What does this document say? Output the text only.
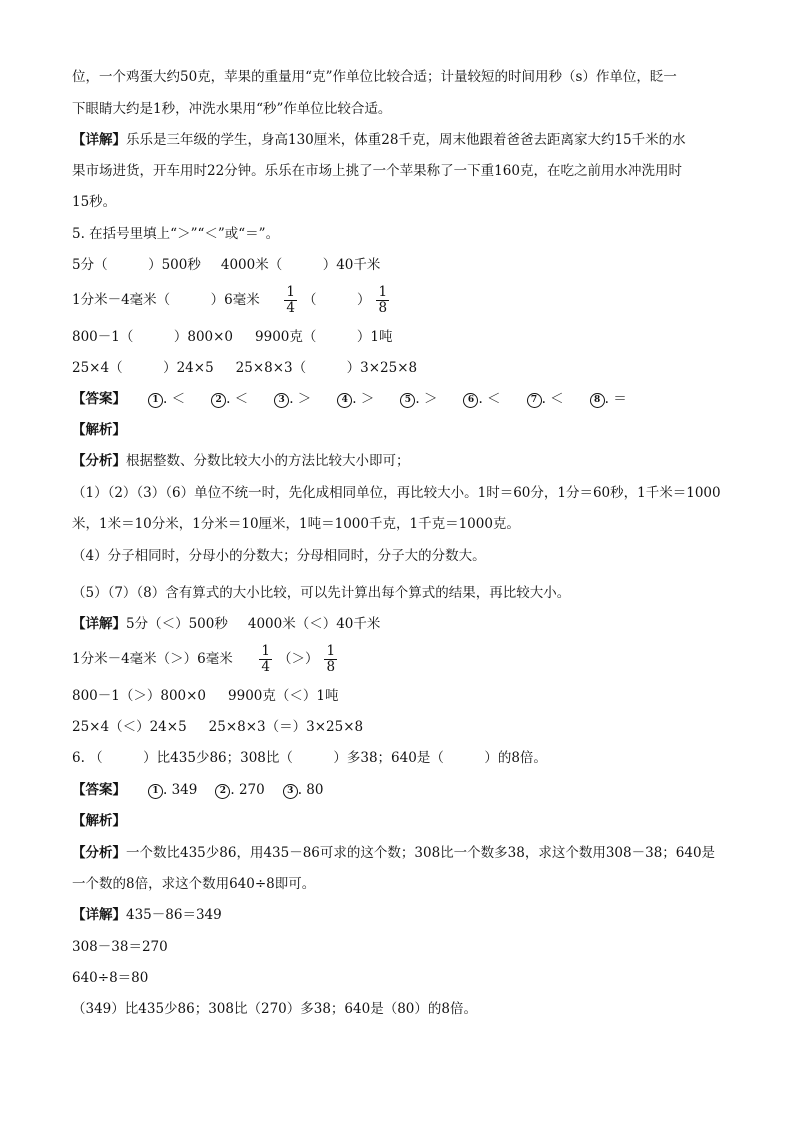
位，一个鸡蛋大约50克，苹果的重量用“克”作单位比较合适；计量较短的时间用秒（s）作单位，眨一
下眼睛大约是1秒，冲洗水果用“秒”作单位比较合适。
【详解】乐乐是三年级的学生，身高130厘米，体重28千克，周末他跟着爸爸去距离家大约15千米的水
果市场进货，开车用时22分钟。乐乐在市场上挑了一个苹果称了一下重160克，在吃之前用水冲洗用时
15秒。
5. 在括号里填上“＞”“＜”或“＝”。
5分（　　　）500秒 4000米（　　　）40千米
1分米－4毫米（　　　）6毫米 $\frac{1}{4}$ （　　　） $\frac{1}{8}$
800－1（　　　）800×0 9900克（　　　）1吨
25×4（　　　）24×5 25×8×3（　　　）3×25×8
【答案】	1 . ＜	2 . ＜	3 . ＞	4 . ＞	5 . ＞	6 . ＜	7 . ＜	8 . ＝
【解析】
【分析】根据整数、分数比较大小的方法比较大小即可；
（1）（2）（3）（6）单位不统一时，先化成相同单位，再比较大小。1时＝60分，1分＝60秒，1千米＝1000
米，1米＝10分米，1分米＝10厘米，1吨＝1000千克，1千克＝1000克。
（4）分子相同时，分母小的分数大；分母相同时，分子大的分数大。
（5）（7）（8）含有算式的大小比较，可以先计算出每个算式的结果，再比较大小。
【详解】5分（＜）500秒 4000米（＜）40千米
1分米－4毫米（＞）6毫米 $\frac{1}{4}$ （＞） $\frac{1}{8}$
800－1（＞）800×0 9900克（＜）1吨
25×4（＜）24×5 25×8×3（＝）3×25×8
6. （　　　）比435少86；308比（　　　）多38；640是（　　　）的8倍。
【答案】	1 . 349 2 . 270 3 . 80
【解析】
【分析】一个数比435少86，用435－86可求的这个数；308比一个数多38，求这个数用308－38；640是
一个数的8倍，求这个数用640÷8即可。
【详解】435－86＝349
308－38＝270
640÷8＝80
（349）比435少86；308比（270）多38；640是（80）的8倍。
